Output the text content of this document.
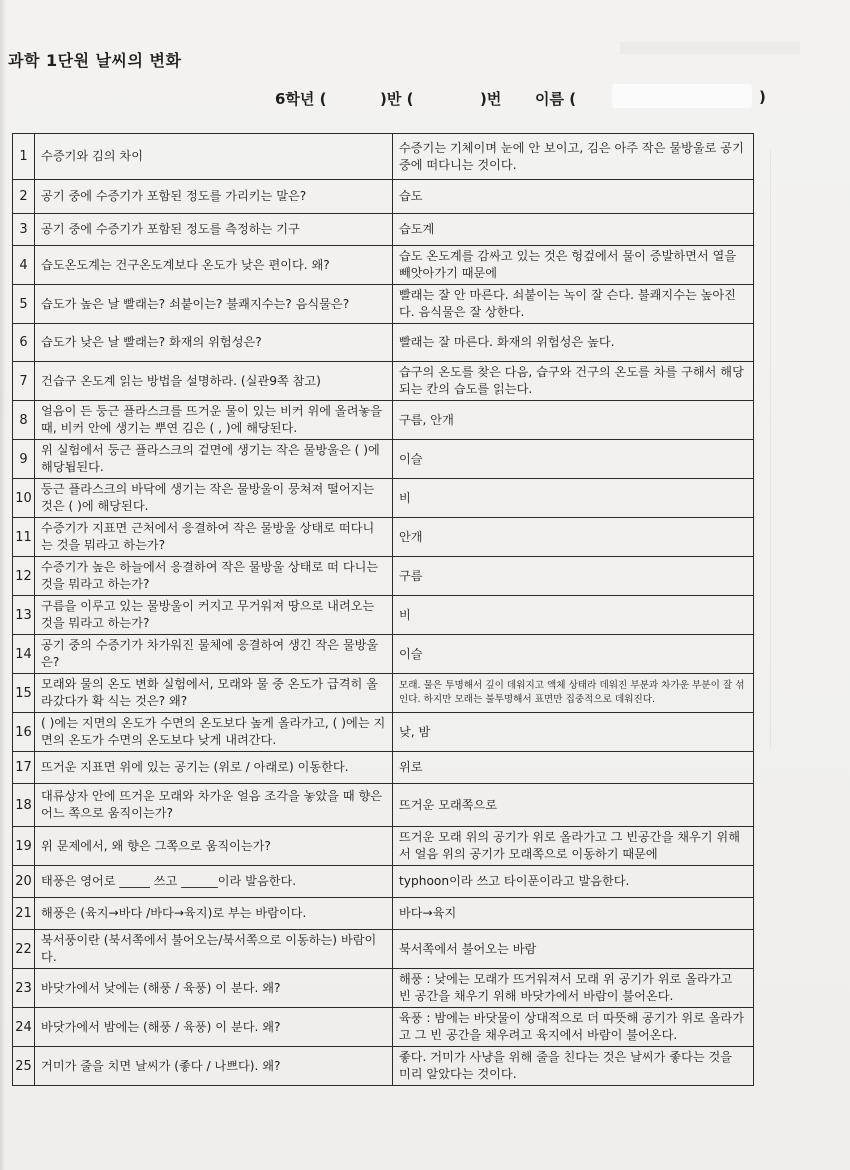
과학 1단원 날씨의 변화
6학년 (	)반 (	)번 이름 (	)
1	수증기와 김의 차이	수증기는 기체이며 눈에 안 보이고, 김은 아주 작은 물방울로 공기 중에 떠다니는 것이다.
2	공기 중에 수증기가 포함된 정도를 가리키는 말은?	습도
3	공기 중에 수증기가 포함된 정도를 측정하는 기구	습도계
4	습도온도계는 건구온도계보다 온도가 낮은 편이다. 왜?	습도 온도계를 감싸고 있는 것은 헝겊에서 물이 증발하면서 열을 빼앗아가기 때문에
5	습도가 높은 날 빨래는? 쇠붙이는? 불쾌지수는? 음식물은?	빨래는 잘 안 마른다. 쇠붙이는 녹이 잘 슨다. 불쾌지수는 높아진다. 음식물은 잘 상한다.
6	습도가 낮은 날 빨래는? 화재의 위험성은?	빨래는 잘 마른다. 화재의 위험성은 높다.
7	건습구 온도계 읽는 방법을 설명하라. (실관9쪽 참고)	습구의 온도를 찾은 다음, 습구와 건구의 온도를 차를 구해서 해당되는 칸의 습도를 읽는다.
8	얼음이 든 둥근 플라스크를 뜨거운 물이 있는 비커 위에 올려놓을 때, 비커 안에 생기는 뿌연 김은 ( , )에 해당된다.	구름, 안개
9	위 실험에서 둥근 플라스크의 겉면에 생기는 작은 물방울은 ( )에 해당됩된다.	이슬
10	둥근 플라스크의 바닥에 생기는 작은 물방울이 뭉쳐져 떨어지는 것은 ( )에 해당된다.	비
11	수증기가 지표면 근처에서 응결하여 작은 물방울 상태로 떠다니는 것을 뭐라고 하는가?	안개
12	수증기가 높은 하늘에서 응결하여 작은 물방울 상태로 떠 다니는 것을 뭐라고 하는가?	구름
13	구름을 이루고 있는 물방울이 커지고 무거워져 땅으로 내려오는 것을 뭐라고 하는가?	비
14	공기 중의 수증기가 차가워진 물체에 응결하여 생긴 작은 물방울은?	이슬
15	모래와 물의 온도 변화 실험에서, 모래와 물 중 온도가 급격히 올라갔다가 확 식는 것은? 왜?	모래. 물은 투명해서 깊이 데워지고 액체 상태라 데워진 부분과 차가운 부분이 잘 섞인다. 하지만 모래는 불투명해서 표면만 집중적으로 데워진다.
16	( )에는 지면의 온도가 수면의 온도보다 높게 올라가고, ( )에는 지면의 온도가 수면의 온도보다 낮게 내려간다.	낮, 밤
17	뜨거운 지표면 위에 있는 공기는 (위로 / 아래로) 이동한다.	위로
18	대류상자 안에 뜨거운 모래와 차가운 얼음 조각을 놓았을 때 향은 어느 쪽으로 움직이는가?	뜨거운 모래쪽으로
19	위 문제에서, 왜 향은 그쪽으로 움직이는가?	뜨거운 모래 위의 공기가 위로 올라가고 그 빈공간을 채우기 위해서 얼음 위의 공기가 모래쪽으로 이동하기 때문에
20	태풍은 영어로 _____ 쓰고 ______이라 발음한다.	typhoon이라 쓰고 타이푼이라고 발음한다.
21	해풍은 (육지→바다 /바다→육지)로 부는 바람이다.	바다→육지
22	북서풍이란 (북서쪽에서 불어오는/북서쪽으로 이동하는) 바람이다.	북서쪽에서 불어오는 바람
23	바닷가에서 낮에는 (해풍 / 육풍) 이 분다. 왜?	해풍 : 낮에는 모래가 뜨거워져서 모래 위 공기가 위로 올라가고 빈 공간을 채우기 위해 바닷가에서 바람이 불어온다.
24	바닷가에서 밤에는 (해풍 / 육풍) 이 분다. 왜?	육풍 : 밤에는 바닷물이 상대적으로 더 따뜻해 공기가 위로 올라가고 그 빈 공간을 채우려고 육지에서 바람이 불어온다.
25	거미가 줄을 치면 날씨가 (좋다 / 나쁘다). 왜?	좋다. 거미가 사냥을 위해 줄을 친다는 것은 날씨가 좋다는 것을 미리 알았다는 것이다.
